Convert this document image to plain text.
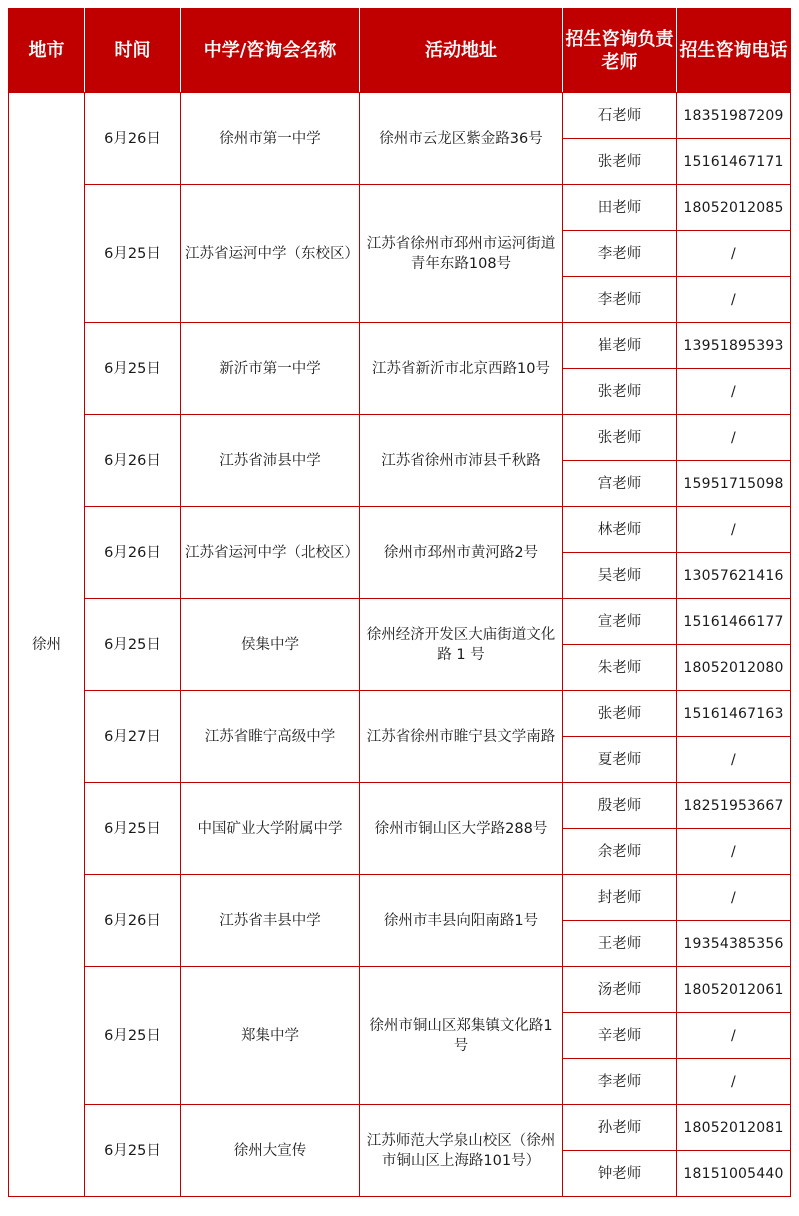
地市	时间	中学/咨询会名称	活动地址	招生咨询负责老师	招生咨询电话
徐州	6月26日	徐州市第一中学	徐州市云龙区紫金路36号	石老师	18351987209
				张老师	15161467171
	6月25日	江苏省运河中学（东校区）	江苏省徐州市邳州市运河街道青年东路108号	田老师	18052012085
				李老师	/
				李老师	/
	6月25日	新沂市第一中学	江苏省新沂市北京西路10号	崔老师	13951895393
				张老师	/
	6月26日	江苏省沛县中学	江苏省徐州市沛县千秋路	张老师	/
				宫老师	15951715098
	6月26日	江苏省运河中学（北校区）	徐州市邳州市黄河路2号	林老师	/
				吴老师	13057621416
	6月25日	侯集中学	徐州经济开发区大庙街道文化路 1 号	宣老师	15161466177
				朱老师	18052012080
	6月27日	江苏省睢宁高级中学	江苏省徐州市睢宁县文学南路	张老师	15161467163
				夏老师	/
	6月25日	中国矿业大学附属中学	徐州市铜山区大学路288号	殷老师	18251953667
				余老师	/
	6月26日	江苏省丰县中学	徐州市丰县向阳南路1号	封老师	/
				王老师	19354385356
	6月25日	郑集中学	徐州市铜山区郑集镇文化路1号	汤老师	18052012061
				辛老师	/
				李老师	/
	6月25日	徐州大宣传	江苏师范大学泉山校区（徐州市铜山区上海路101号）	孙老师	18052012081
				钟老师	18151005440
